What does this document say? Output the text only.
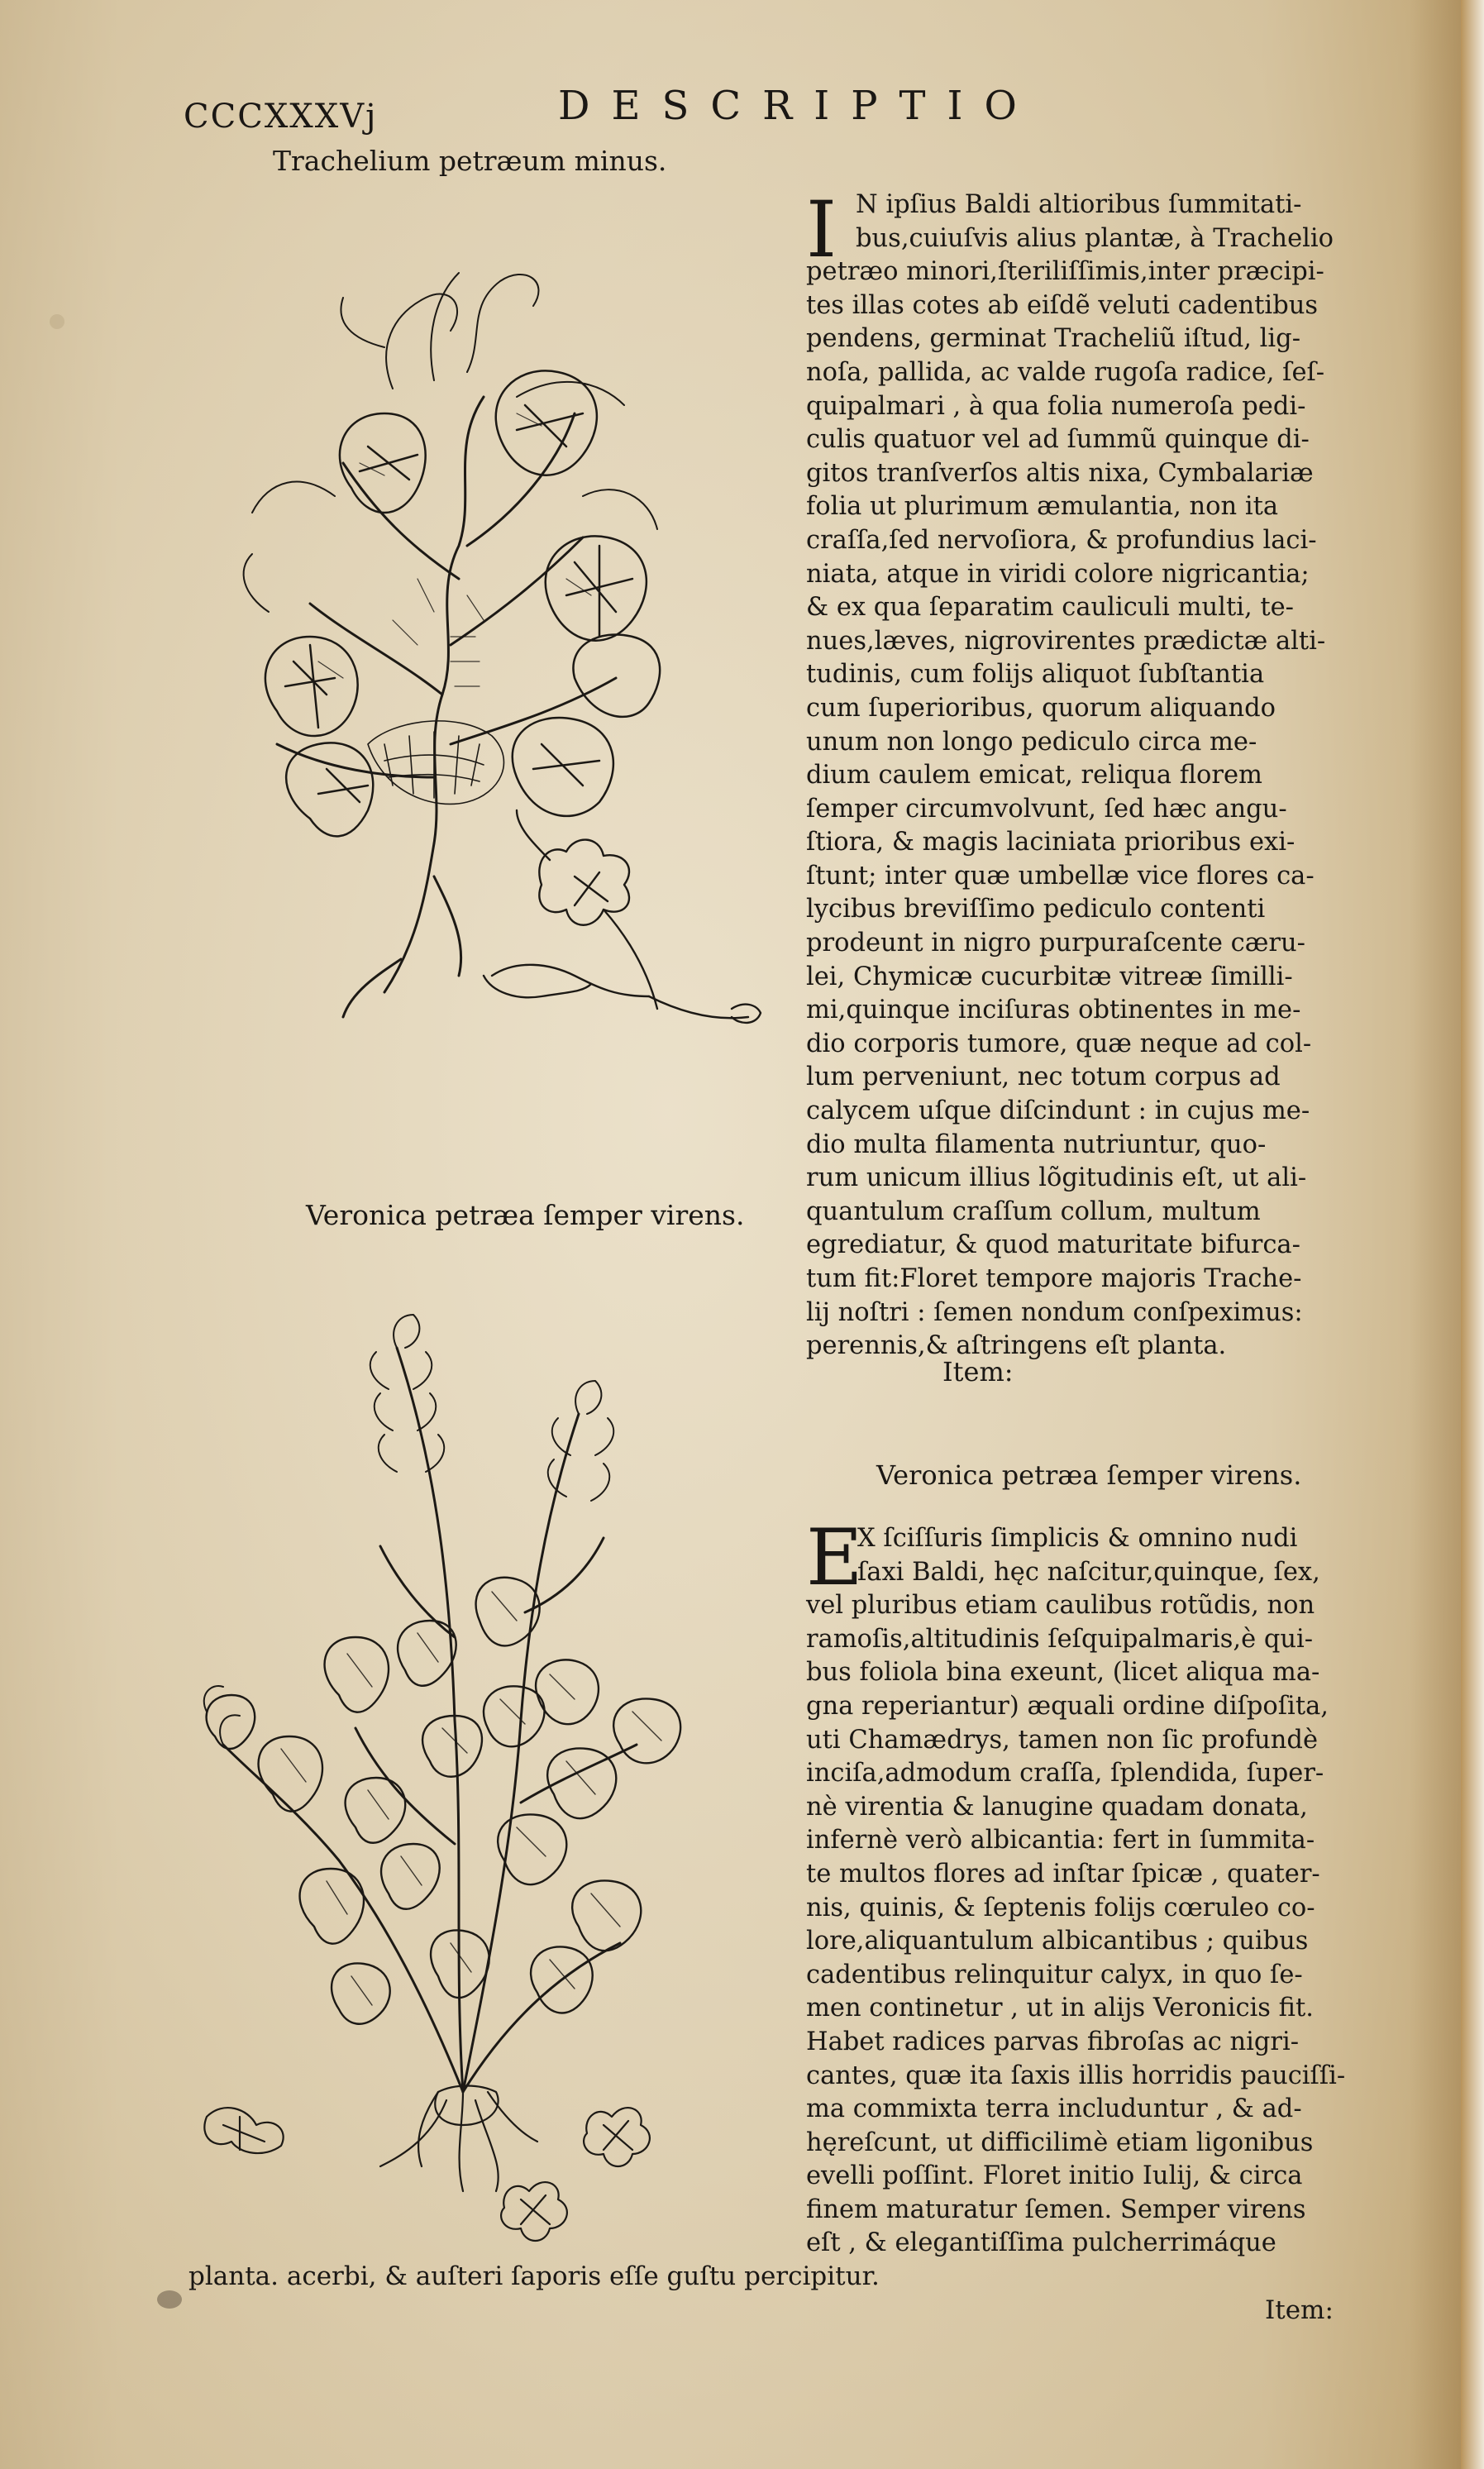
CCCXXXVj	DESCRIPTIO
Trachelium petræum minus.
Veronica petræa ſemper virens.
I N ipſius Baldi altioribus ſummitati-
bus,cuiuſvis alius plantæ, à Trachelio
petræo minori,ſteriliſſimis,inter præcipi-
tes illas cotes ab eiſdẽ veluti cadentibus
pendens, germinat Tracheliũ iſtud, lig-
noſa, pallida, ac valde rugoſa radice, ſeſ-
quipalmari , à qua folia numeroſa pedi-
culis quatuor vel ad ſummũ quinque di-
gitos tranſverſos altis nixa, Cymbalariæ
folia ut plurimum æmulantia, non ita
craſſa,ſed nervoſiora, & profundius laci-
niata, atque in viridi colore nigricantia;
& ex qua ſeparatim cauliculi multi, te-
nues,læves, nigrovirentes prædictæ alti-
tudinis, cum folijs aliquot ſubſtantia
cum ſuperioribus, quorum aliquando
unum non longo pediculo circa me-
dium caulem emicat, reliqua florem
ſemper circumvolvunt, ſed hæc angu-
ſtiora, & magis laciniata prioribus exi-
ſtunt; inter quæ umbellæ vice flores ca-
lycibus breviſſimo pediculo contenti
prodeunt in nigro purpuraſcente cæru-
lei, Chymicæ cucurbitæ vitreæ ſimilli-
mi,quinque inciſuras obtinentes in me-
dio corporis tumore, quæ neque ad col-
lum perveniunt, nec totum corpus ad
calycem uſque diſcindunt : in cujus me-
dio multa filamenta nutriuntur, quo-
rum unicum illius lõgitudinis eſt, ut ali-
quantulum craſſum collum, multum
egrediatur, & quod maturitate bifurca-
tum fit:Floret tempore majoris Trache-
lij noſtri : ſemen nondum conſpeximus:
perennis,& aſtringens eſt planta.
Item:
Veronica petræa ſemper virens.
E
X ſciſſuris ſimplicis & omnino nudi
ſaxi Baldi, hęc naſcitur,quinque, ſex,
vel pluribus etiam caulibus rotũdis, non
ramoſis,altitudinis ſeſquipalmaris,è qui-
bus foliola bina exeunt, (licet aliqua ma-
gna reperiantur) æquali ordine diſpoſita,
uti Chamædrys, tamen non ſic profundè
inciſa,admodum craſſa, ſplendida, ſuper-
nè virentia & lanugine quadam donata,
infernè verò albicantia: fert in ſummita-
te multos flores ad inſtar ſpicæ , quater-
nis, quinis, & ſeptenis folijs cœruleo co-
lore,aliquantulum albicantibus ; quibus
cadentibus relinquitur calyx, in quo ſe-
men continetur , ut in alijs Veronicis fit.
Habet radices parvas fibroſas ac nigri-
cantes, quæ ita ſaxis illis horridis pauciſſi-
ma commixta terra includuntur , & ad-
hęreſcunt, ut difficilimè etiam ligonibus
evelli poſſint. Floret initio Iulij, & circa
finem maturatur ſemen. Semper virens
eſt , & elegantiſſima pulcherrimáque
planta. acerbi, & auſteri ſaporis eſſe guſtu percipitur.
Item:
